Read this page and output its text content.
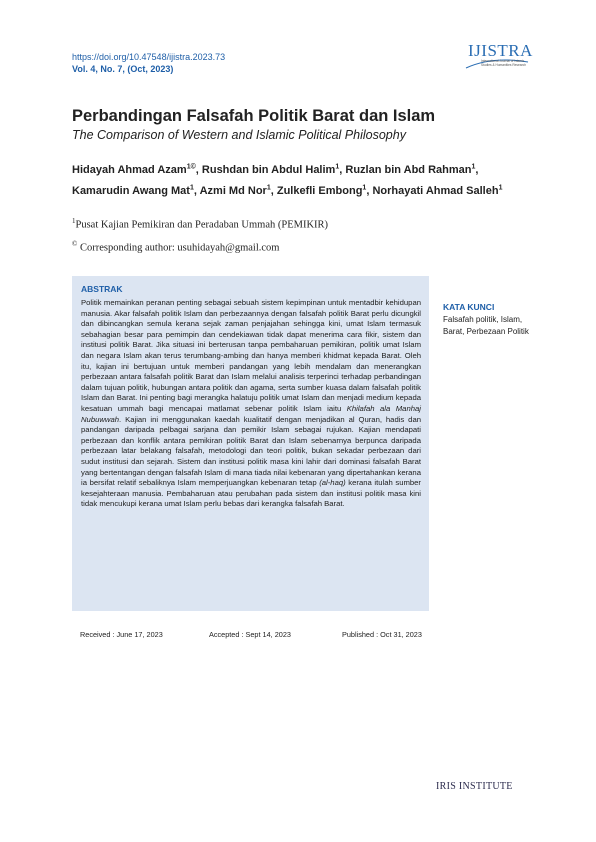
https://doi.org/10.47548/ijistra.2023.73
Vol. 4, No. 7, (Oct, 2023)
IJISTRA
International Journal of Islamic Studies & Humanities Research
Perbandingan Falsafah Politik Barat dan Islam
The Comparison of Western and Islamic Political Philosophy
Hidayah Ahmad Azam$^{1©}$, Rushdan bin Abdul Halim$^1$, Ruzlan bin Abd Rahman$^1$, Kamarudin Awang Mat$^1$, Azmi Md Nor$^1$, Zulkefli Embong$^1$, Norhayati Ahmad Salleh$^1$
$^1$Pusat Kajian Pemikiran dan Peradaban Ummah (PEMIKIR)
© Corresponding author: usuhidayah@gmail.com
ABSTRAK
Politik memainkan peranan penting sebagai sebuah sistem kepimpinan untuk mentadbir kehidupan manusia. Akar falsafah politik Islam dan perbezaannya dengan falsafah politik Barat perlu dicungkil dan dibincangkan semula kerana sejak zaman penjajahan sehingga kini, umat Islam termasuk sebahagian besar para pemimpin dan cendekiawan tidak dapat menerima cara fikir, sistem dan institusi politik Barat. Jika situasi ini berterusan tanpa pembaharuan pemikiran, politik umat Islam dan negara Islam akan terus terumbang-ambing dan hanya memberi khidmat kepada Barat. Oleh itu, kajian ini bertujuan untuk memberi pandangan yang lebih mendalam dan menerangkan perbezaan antara falsafah politik Barat dan Islam melalui analisis terperinci terhadap perbandingan dalam tujuan politik, hubungan antara politik dan agama, serta sumber kuasa dalam falsafah politik Islam dan Barat. Ini penting bagi merangka halatuju politik umat Islam dan menjadi medium kepada kesatuan ummah bagi mencapai matlamat sebenar politik Islam iaitu Khilafah ala Manhaj Nubuwwah. Kajian ini menggunakan kaedah kualitatif dengan menjadikan al Quran, hadis dan pandangan daripada pelbagai sarjana dan pemikir Islam sebagai rujukan. Kajian mendapati perbezaan dan konflik antara pemikiran politik Barat dan Islam sebenarnya berpunca daripada perbezaan latar belakang falsafah, metodologi dan teori politik, bukan sekadar perbezaan dari sudut institusi dan sejarah. Sistem dan institusi politik masa kini lahir dari dominasi falsafah Barat yang bertentangan dengan falsafah Islam di mana tiada nilai kebenaran yang dipertahankan kerana ia bersifat relatif sebaliknya Islam memperjuangkan kebenaran tetap (al-haq) kerana itulah sumber kesejahteraan manusia. Pembaharuan atau perubahan pada sistem dan institusi politik masa kini tidak mencukupi kerana umat Islam perlu bebas dari kerangka falsafah Barat.
KATA KUNCI
Falsafah politik, Islam, Barat, Perbezaan Politik
Received : June 17, 2023	Accepted : Sept 14, 2023	Published : Oct 31, 2023
IRIS INSTITUTE
